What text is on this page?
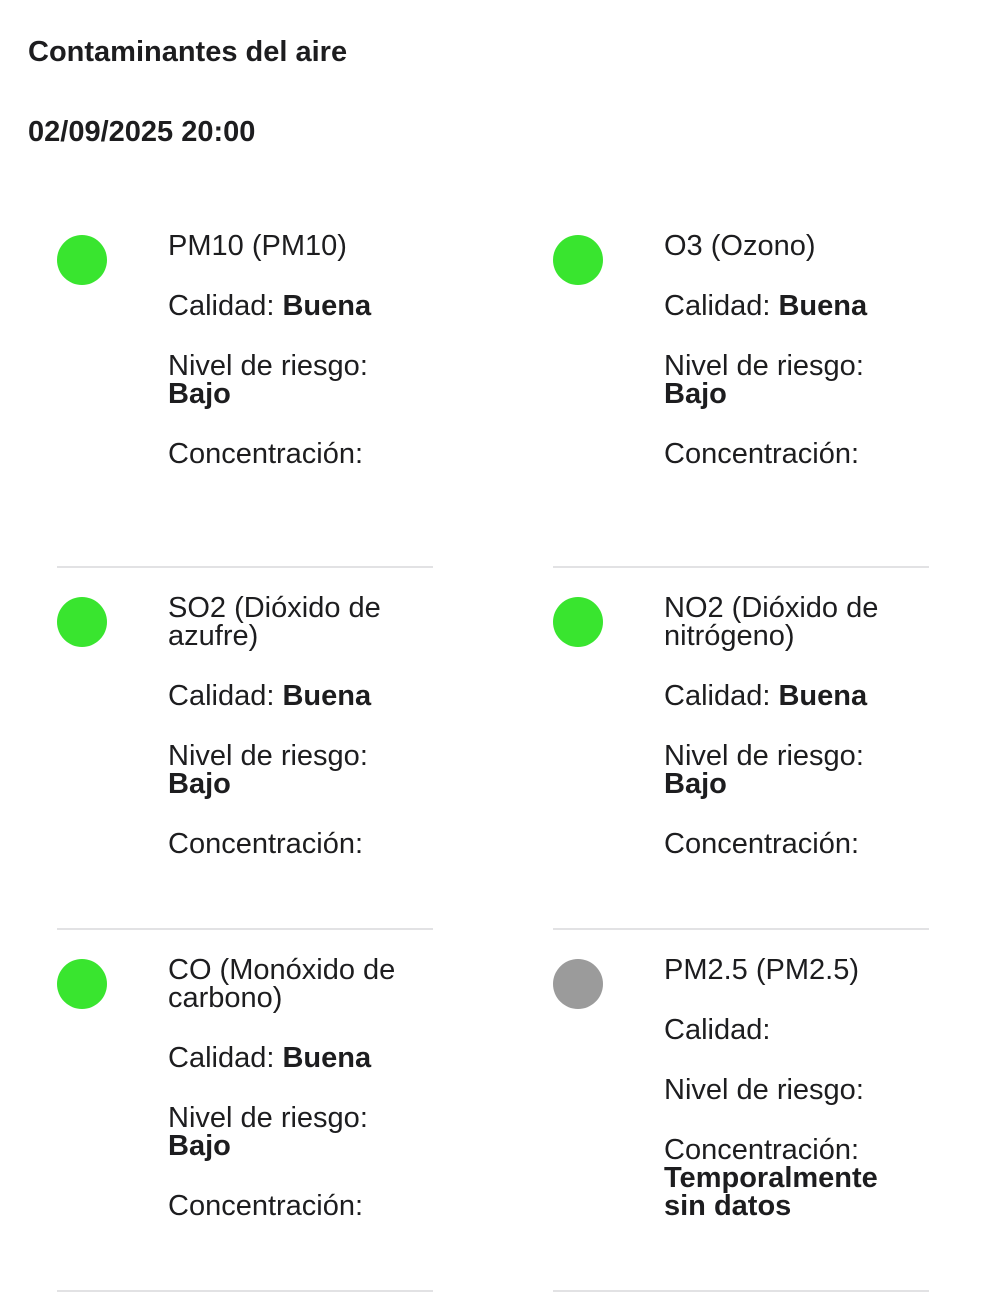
Contaminantes del aire
02/09/2025 20:00
PM10 (PM10)
Calidad: Buena
Nivel de riesgo: Bajo
Concentración:
O3 (Ozono)
Calidad: Buena
Nivel de riesgo: Bajo
Concentración:
SO2 (Dióxido de azufre)
Calidad: Buena
Nivel de riesgo: Bajo
Concentración:
NO2 (Dióxido de nitrógeno)
Calidad: Buena
Nivel de riesgo: Bajo
Concentración:
CO (Monóxido de carbono)
Calidad: Buena
Nivel de riesgo: Bajo
Concentración:
PM2.5 (PM2.5)
Calidad:
Nivel de riesgo:
Concentración: Temporalmente sin datos
